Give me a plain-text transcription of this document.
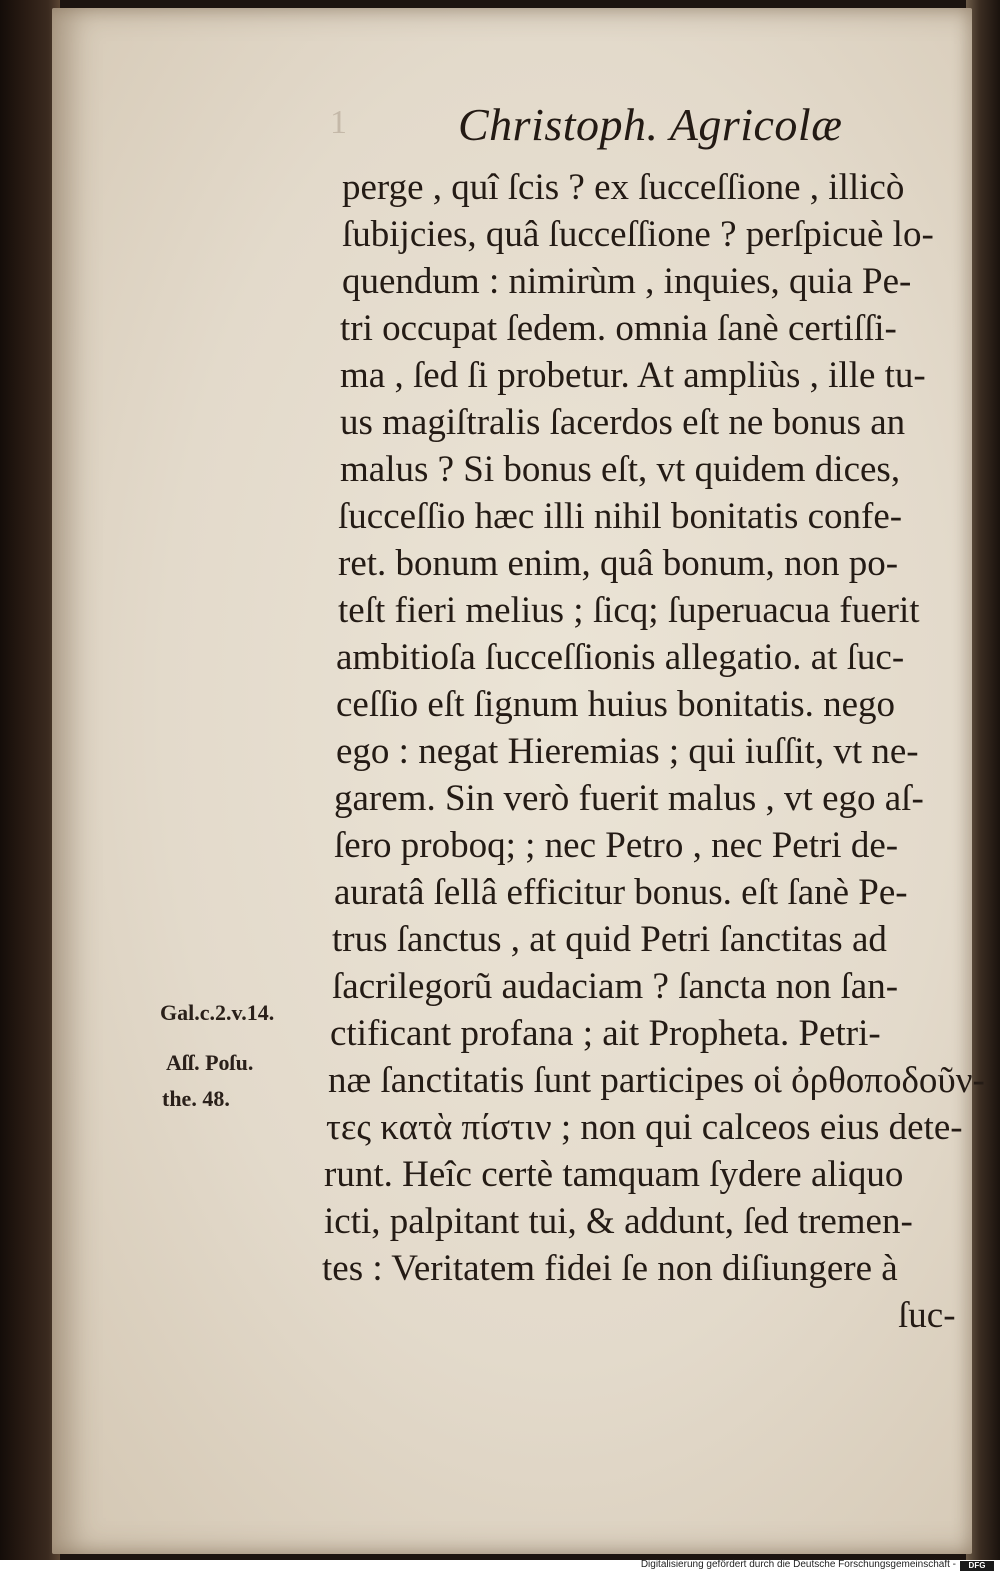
1 Christoph. Agricolæ
perge , quî ſcis ? ex ſucceſſione , illicò
ſubijcies, quâ ſucceſſione ? perſpicuè lo-
quendum : nimirùm , inquies, quia Pe-
tri occupat ſedem. omnia ſanè certiſſi-
ma , ſed ſi probetur. At ampliùs , ille tu-
us magiſtralis ſacerdos eſt ne bonus an
malus ? Si bonus eſt, vt quidem dices,
ſucceſſio hæc illi nihil bonitatis confe-
ret. bonum enim, quâ bonum, non po-
teſt fieri melius ; ſicq; ſuperuacua fuerit
ambitioſa ſucceſſionis allegatio. at ſuc-
ceſſio eſt ſignum huius bonitatis. nego
ego : negat Hieremias ; qui iuſſit, vt ne-
garem. Sin verò fuerit malus , vt ego aſ-
ſero proboq; ; nec Petro , nec Petri de-
auratâ ſellâ efficitur bonus. eſt ſanè Pe-
trus ſanctus , at quid Petri ſanctitas ad
ſacrilegorũ audaciam ? ſancta non ſan-
ctificant profana ; ait Propheta. Petri-
næ ſanctitatis ſunt participes οἱ ὀρθοποδοῦν-
τες κατὰ πίστιν ; non qui calceos eius dete-
runt. Heîc certè tamquam ſydere aliquo
icti, palpitant tui, & addunt, ſed tremen-
tes : Veritatem fidei ſe non diſiungere à
ſuc-
Gal.c.2.v.14.
Aſſ. Poſu.
the. 48.
Digitalisierung gefördert durch die Deutsche Forschungsgemeinschaft -	DFG
